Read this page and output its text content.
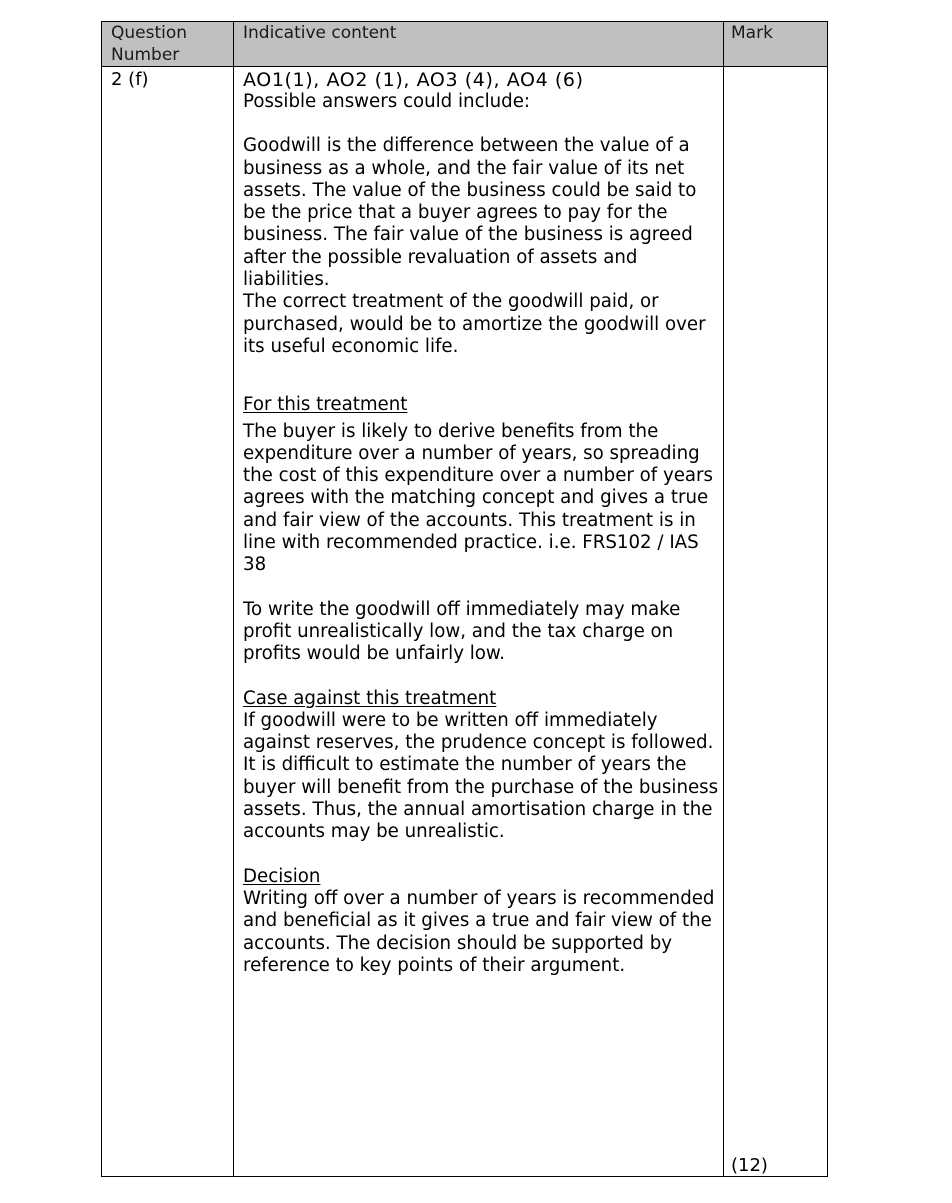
Question Number
Indicative content	Mark
2 (f)	AO1(1), AO2 (1), AO3 (4), AO4 (6)

Possible answers could include:

Goodwill is the difference between the value of a business as a whole, and the fair value of its net assets. The value of the business could be said to be the price that a buyer agrees to pay for the business. The fair value of the business is agreed after the possible revaluation of assets and liabilities.

The correct treatment of the goodwill paid, or purchased, would be to amortize the goodwill over its useful economic life.

For this treatment

The buyer is likely to derive benefits from the expenditure over a number of years, so spreading the cost of this expenditure over a number of years agrees with the matching concept and gives a true and fair view of the accounts. This treatment is in line with recommended practice. i.e. FRS102 / IAS 38

To write the goodwill off immediately may make profit unrealistically low, and the tax charge on profits would be unfairly low.

Case against this treatment

If goodwill were to be written off immediately against reserves, the prudence concept is followed.

It is difficult to estimate the number of years the buyer will benefit from the purchase of the business assets. Thus, the annual amortisation charge in the accounts may be unrealistic.

Decision

Writing off over a number of years is recommended and beneficial as it gives a true and fair view of the accounts. The decision should be supported by reference to key points of their argument.

(12)
